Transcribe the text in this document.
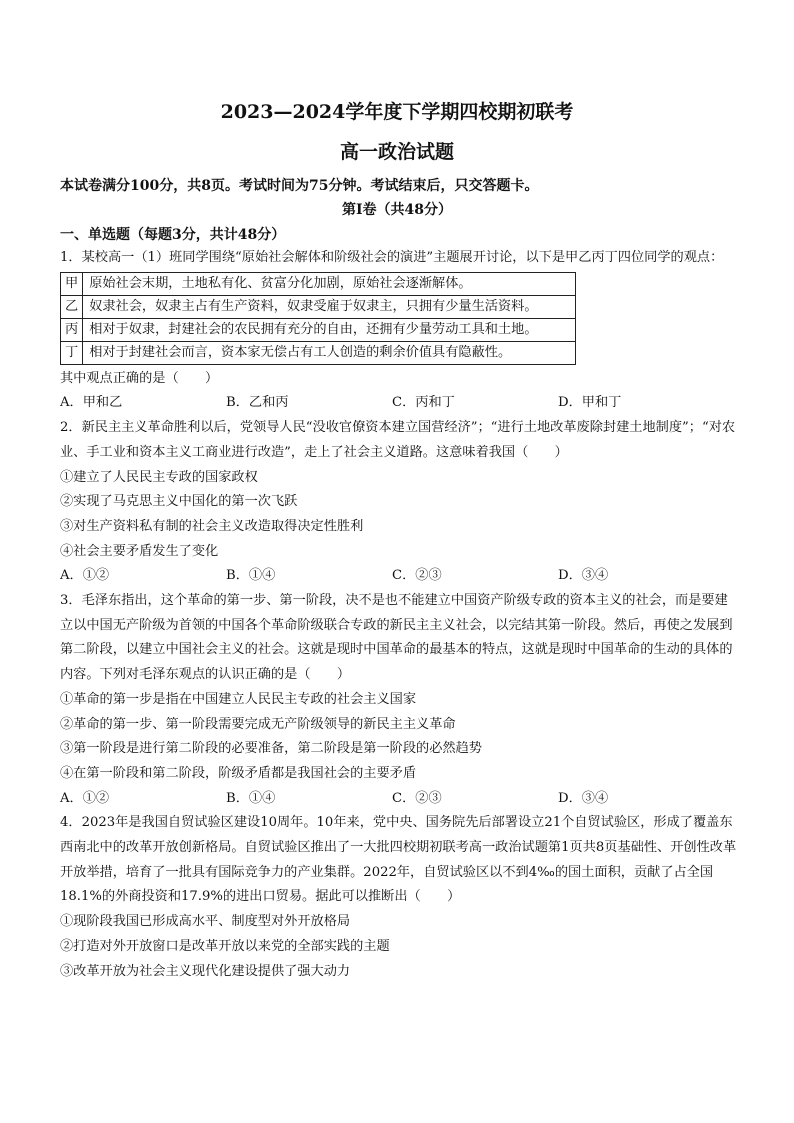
2023—2024学年度下学期四校期初联考
高一政治试题
本试卷满分100分，共8页。考试时间为75分钟。考试结束后，只交答题卡。
第Ⅰ卷（共48分）
一、单选题（每题3分，共计48分）

1．某校高一（1）班同学围绕“原始社会解体和阶级社会的演进”主题展开讨论，以下是甲乙丙丁四位同学的观点：

甲	原始社会末期，土地私有化、贫富分化加剧，原始社会逐渐解体。
乙	奴隶社会，奴隶主占有生产资料，奴隶受雇于奴隶主，只拥有少量生活资料。
丙	相对于奴隶，封建社会的农民拥有充分的自由，还拥有少量劳动工具和土地。
丁	相对于封建社会而言，资本家无偿占有工人创造的剩余价值具有隐蔽性。

其中观点正确的是（　　）

A．甲和乙	B．乙和丙	C．丙和丁	D．甲和丁

2．新民主主义革命胜利以后，党领导人民“没收官僚资本建立国营经济”；“进行土地改革废除封建土地制度”；“对农业、手工业和资本主义工商业进行改造”，走上了社会主义道路。这意味着我国（　　）

①建立了人民民主专政的国家政权

②实现了马克思主义中国化的第一次飞跃

③对生产资料私有制的社会主义改造取得决定性胜利

④社会主要矛盾发生了变化

A．①②	B．①④	C．②③	D．③④

3．毛泽东指出，这个革命的第一步、第一阶段，决不是也不能建立中国资产阶级专政的资本主义的社会，而是要建立以中国无产阶级为首领的中国各个革命阶级联合专政的新民主主义社会，以完结其第一阶段。然后，再使之发展到第二阶段，以建立中国社会主义的社会。这就是现时中国革命的最基本的特点，这就是现时中国革命的生动的具体的内容。下列对毛泽东观点的认识正确的是（　　）

①革命的第一步是指在中国建立人民民主专政的社会主义国家

②革命的第一步、第一阶段需要完成无产阶级领导的新民主主义革命

③第一阶段是进行第二阶段的必要准备，第二阶段是第一阶段的必然趋势

④在第一阶段和第二阶段，阶级矛盾都是我国社会的主要矛盾

A．①②	B．①④	C．②③	D．③④

4．2023年是我国自贸试验区建设10周年。10年来，党中央、国务院先后部署设立21个自贸试验区，形成了覆盖东西南北中的改革开放创新格局。自贸试验区推出了一大批四校期初联考高一政治试题第1页共8页基础性、开创性改革开放举措，培育了一批具有国际竞争力的产业集群。2022年，自贸试验区以不到4‰的国土面积，贡献了占全国18.1%的外商投资和17.9%的进出口贸易。据此可以推断出（　　）

①现阶段我国已形成高水平、制度型对外开放格局

②打造对外开放窗口是改革开放以来党的全部实践的主题

③改革开放为社会主义现代化建设提供了强大动力
